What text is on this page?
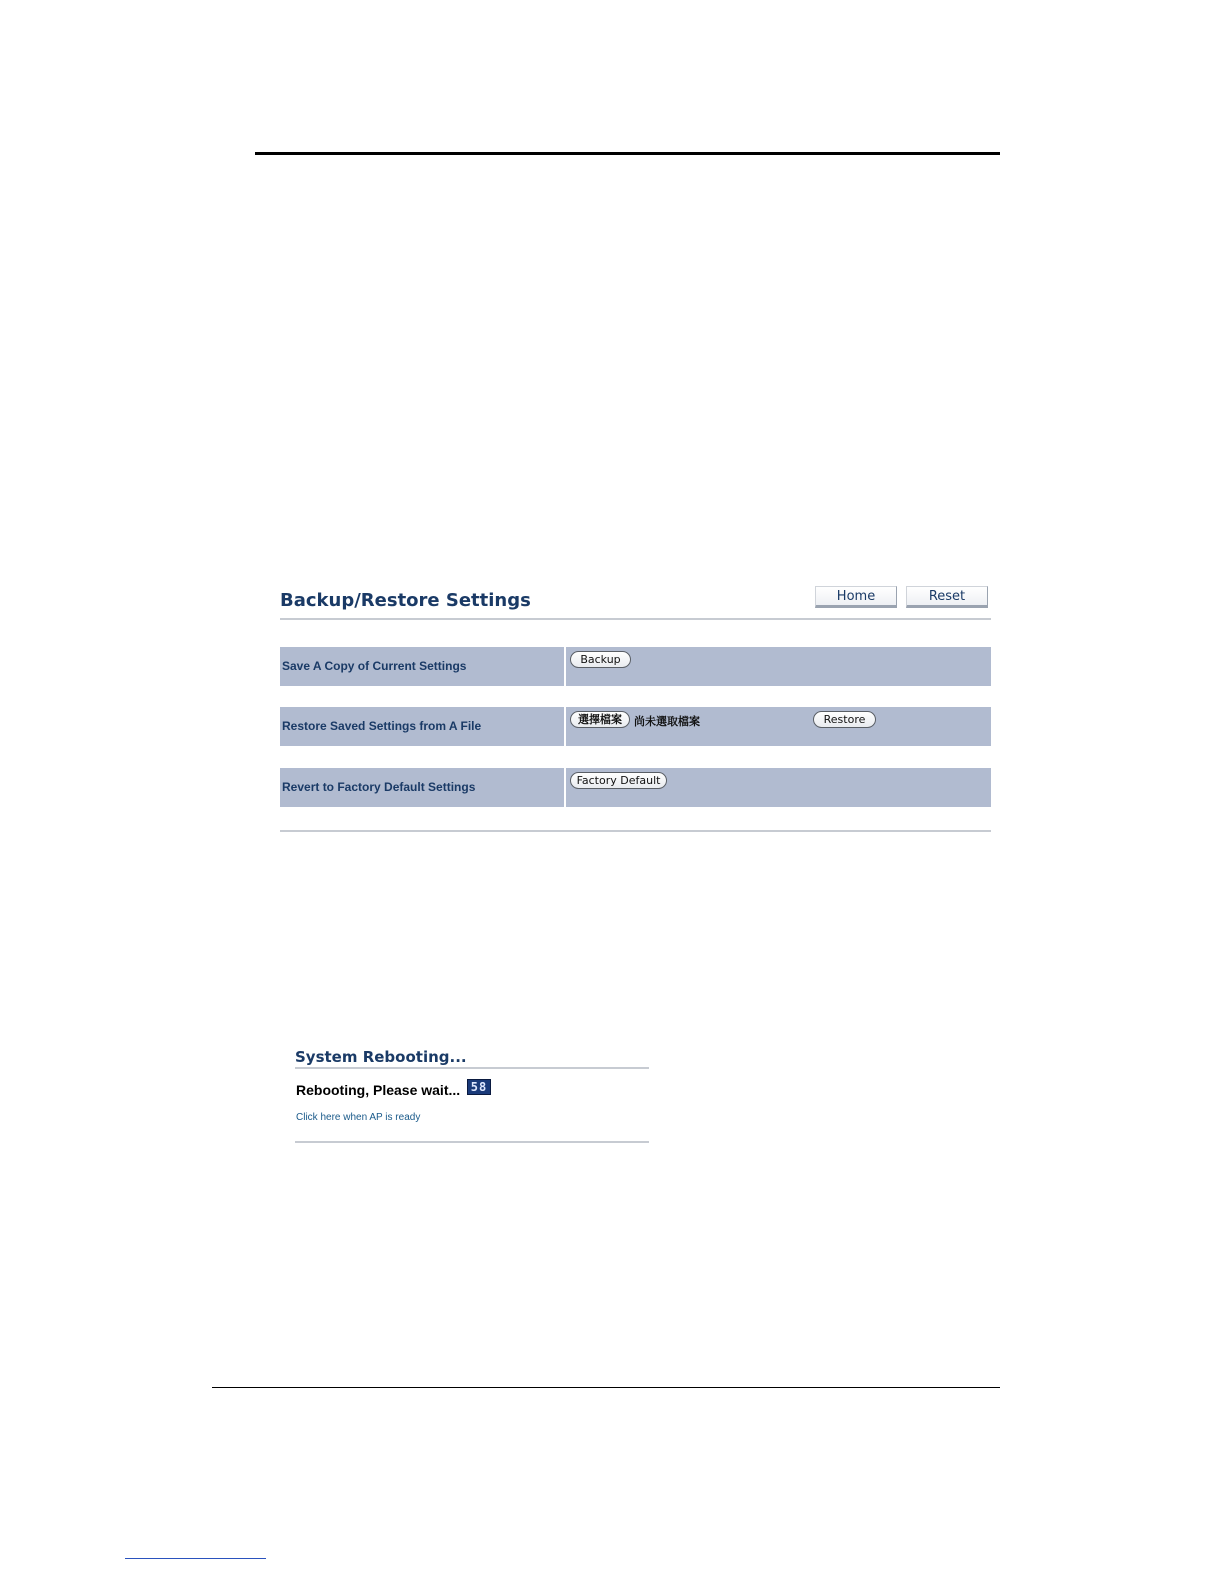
Backup/Restore Settings	Home	Reset
Save A Copy of Current Settings	Backup
Restore Saved Settings from A File	選擇檔案	尚未選取檔案	Restore
Revert to Factory Default Settings	Factory Default
System Rebooting...
Rebooting, Please wait... 58
Click here when AP is ready
